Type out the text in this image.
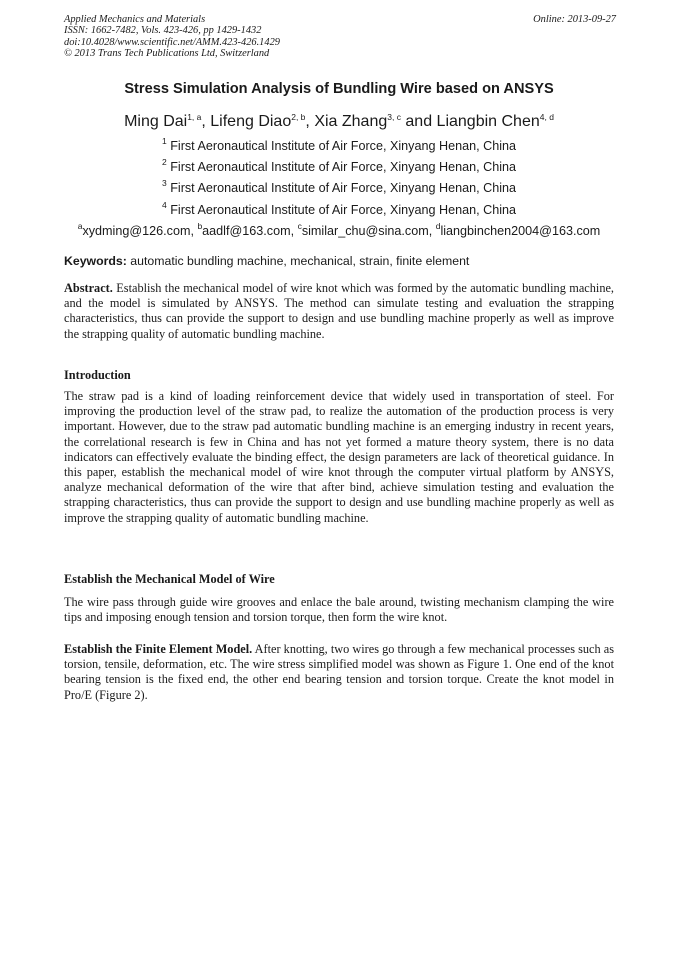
Applied Mechanics and Materials
ISSN: 1662-7482, Vols. 423-426, pp 1429-1432
doi:10.4028/www.scientific.net/AMM.423-426.1429
© 2013 Trans Tech Publications Ltd, Switzerland
Online: 2013-09-27
Stress Simulation Analysis of Bundling Wire based on ANSYS
Ming Dai$^{1, a}$, Lifeng Diao$^{2, b}$, Xia Zhang$^{3, c}$ and Liangbin Chen$^{4, d}$
$^1$ First Aeronautical Institute of Air Force, Xinyang Henan, China
$^2$ First Aeronautical Institute of Air Force, Xinyang Henan, China
$^3$ First Aeronautical Institute of Air Force, Xinyang Henan, China
$^4$ First Aeronautical Institute of Air Force, Xinyang Henan, China
$^a$xydming@126.com, $^b$aadlf@163.com, $^c$similar_chu@sina.com, $^d$liangbinchen2004@163.com
Keywords: automatic bundling machine, mechanical, strain, finite element
Abstract. Establish the mechanical model of wire knot which was formed by the automatic bundling machine, and the model is simulated by ANSYS. The method can simulate testing and evaluation the strapping characteristics, thus can provide the support to design and use bundling machine properly as well as improve the strapping quality of automatic bundling machine.
Introduction
The straw pad is a kind of loading reinforcement device that widely used in transportation of steel. For improving the production level of the straw pad, to realize the automation of the production process is very important. However, due to the straw pad automatic bundling machine is an emerging industry in recent years, the correlational research is few in China and has not yet formed a mature theory system, there is no data indicators can effectively evaluate the binding effect, the design parameters are lack of theoretical guidance. In this paper, establish the mechanical model of wire knot through the computer virtual platform by ANSYS, analyze mechanical deformation of the wire that after bind, achieve simulation testing and evaluation the strapping characteristics, thus can provide the support to design and use bundling machine properly as well as improve the strapping quality of automatic bundling machine.
Establish the Mechanical Model of Wire
The wire pass through guide wire grooves and enlace the bale around, twisting mechanism clamping the wire tips and imposing enough tension and torsion torque, then form the wire knot.
Establish the Finite Element Model. After knotting, two wires go through a few mechanical processes such as torsion, tensile, deformation, etc. The wire stress simplified model was shown as Figure 1. One end of the knot bearing tension is the fixed end, the other end bearing tension and torsion torque. Create the knot model in Pro/E (Figure 2).
